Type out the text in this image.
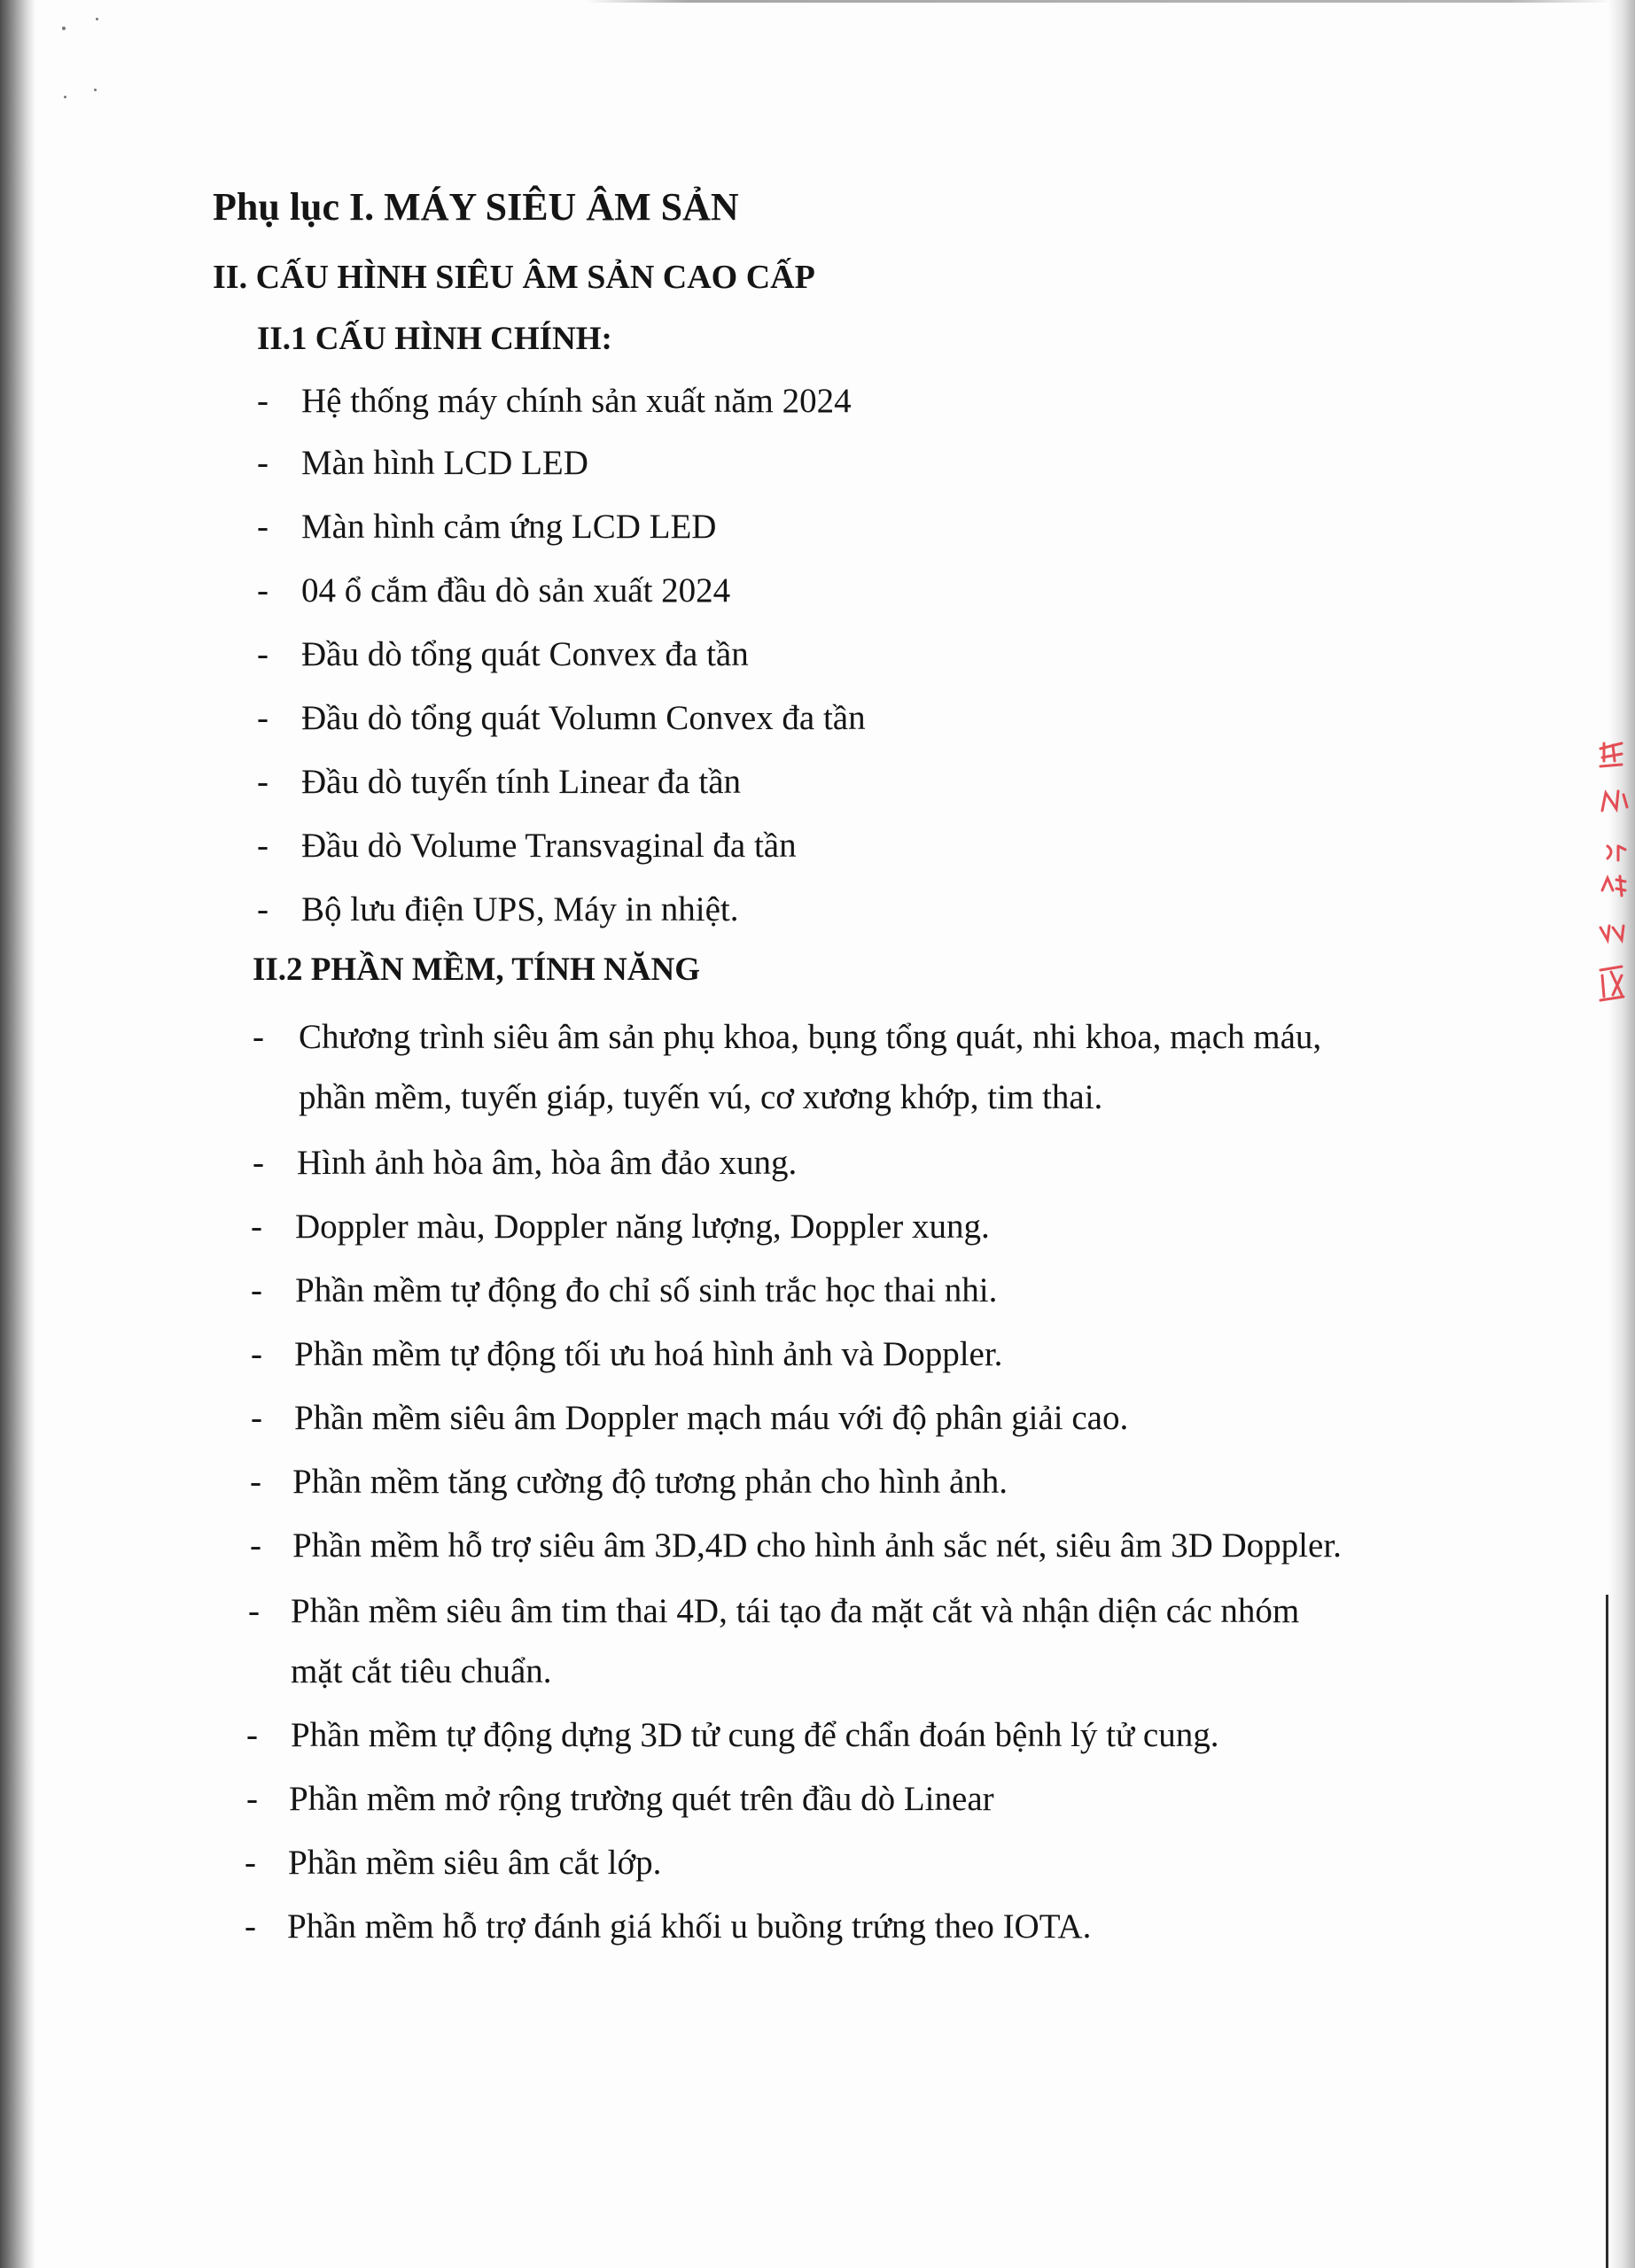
Phụ lục I. MÁY SIÊU ÂM SẢN
II. CẤU HÌNH SIÊU ÂM SẢN CAO CẤP
II.1 CẤU HÌNH CHÍNH:
- Hệ thống máy chính sản xuất năm 2024
- Màn hình LCD LED
- Màn hình cảm ứng LCD LED
- 04 ổ cắm đầu dò sản xuất 2024
- Đầu dò tổng quát Convex đa tần
- Đầu dò tổng quát Volumn Convex đa tần
- Đầu dò tuyến tính Linear đa tần
- Đầu dò Volume Transvaginal đa tần
- Bộ lưu điện UPS, Máy in nhiệt.
II.2 PHẦN MỀM, TÍNH NĂNG
- Chương trình siêu âm sản phụ khoa, bụng tổng quát, nhi khoa, mạch máu,
phần mềm, tuyến giáp, tuyến vú, cơ xương khớp, tim thai.
- Hình ảnh hòa âm, hòa âm đảo xung.
- Doppler màu, Doppler năng lượng, Doppler xung.
- Phần mềm tự động đo chỉ số sinh trắc học thai nhi.
- Phần mềm tự động tối ưu hoá hình ảnh và Doppler.
- Phần mềm siêu âm Doppler mạch máu với độ phân giải cao.
- Phần mềm tăng cường độ tương phản cho hình ảnh.
- Phần mềm hỗ trợ siêu âm 3D,4D cho hình ảnh sắc nét, siêu âm 3D Doppler.
- Phần mềm siêu âm tim thai 4D, tái tạo đa mặt cắt và nhận diện các nhóm
mặt cắt tiêu chuẩn.
- Phần mềm tự động dựng 3D tử cung để chẩn đoán bệnh lý tử cung.
- Phần mềm mở rộng trường quét trên đầu dò Linear
- Phần mềm siêu âm cắt lớp.
- Phần mềm hỗ trợ đánh giá khối u buồng trứng theo IOTA.
